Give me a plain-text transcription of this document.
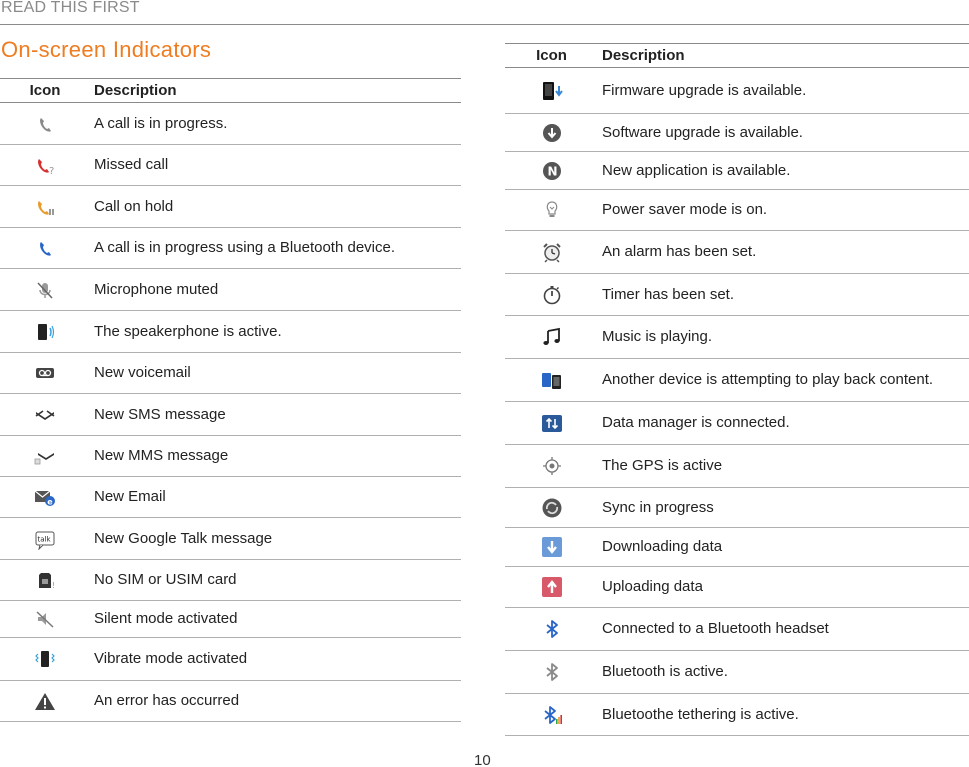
READ THIS FIRST
On-screen Indicators
Icon	Description

	A call is in progress.

?	Missed call

	Call on hold

	A call is in progress using a Bluetooth device.

	Microphone muted

	The speakerphone is active.

	New voicemail

	New SMS message

	New MMS message

e	New Email

talk	New Google Talk message

!	No SIM or USIM card

	Silent mode activated

	Vibrate mode activated

	An error has occurred
Icon	Description

	Firmware upgrade is available.

	Software upgrade is available.

N	New application is available.

	Power saver mode is on.

	An alarm has been set.

	Timer has been set.

	Music is playing.

	Another device is attempting to play back content.

	Data manager is connected.

	The GPS is active

	Sync in progress

	Downloading data

	Uploading data

	Connected to a Bluetooth headset

	Bluetooth is active.

	Bluetoothe tethering is active.
10
